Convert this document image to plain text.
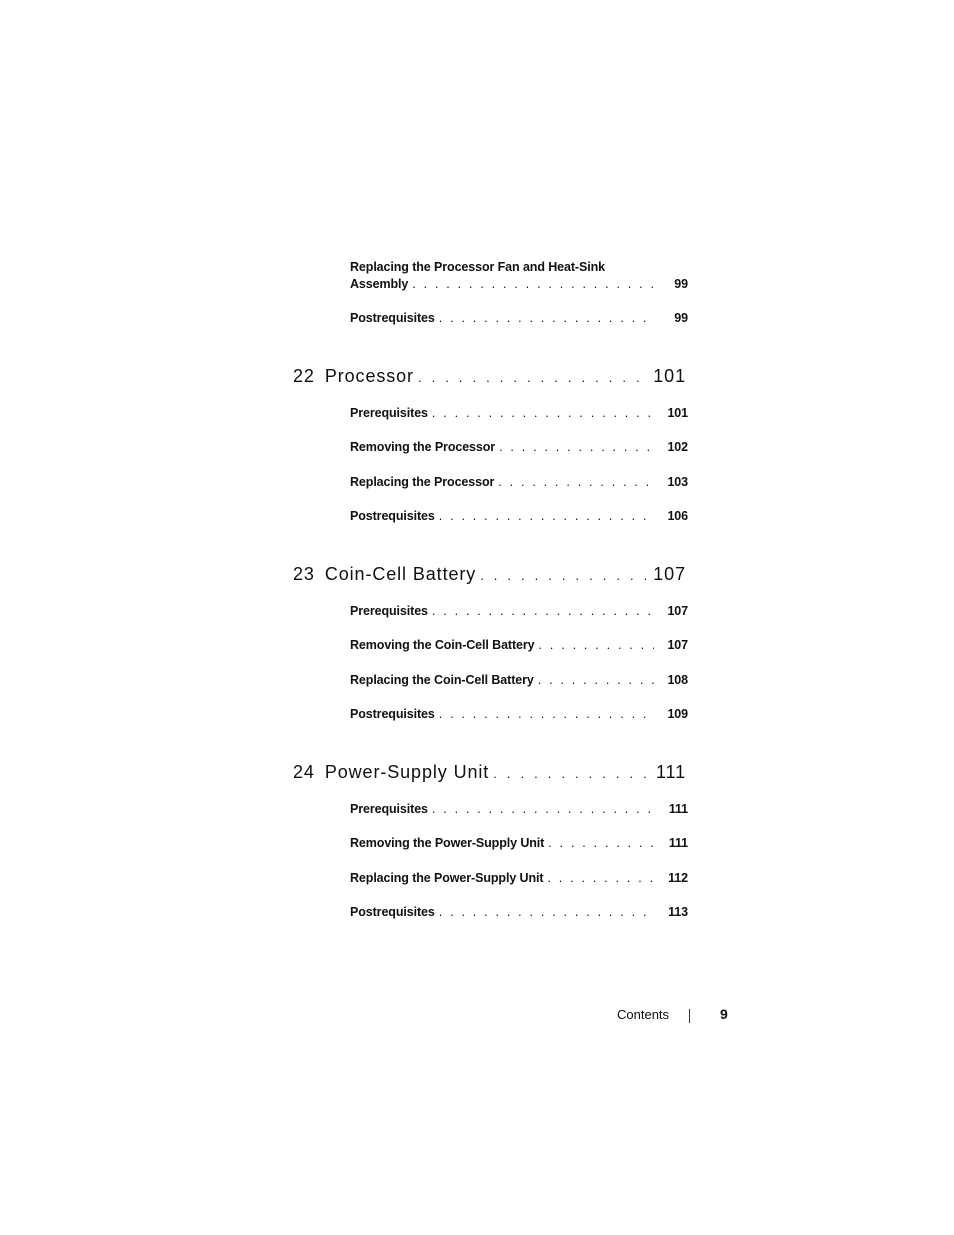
Replacing the Processor Fan and Heat-Sink
Assembly . . .	99
Postrequisites . . .	99
22 Processor . . .	101
Prerequisites . . .	101
Removing the Processor . . .	102
Replacing the Processor . . .	103
Postrequisites . . .	106
23 Coin-Cell Battery . . .	107
Prerequisites . . .	107
Removing the Coin-Cell Battery . . .	107
Replacing the Coin-Cell Battery . . .	108
Postrequisites . . .	109
24 Power-Supply Unit . . .	111
Prerequisites . . .	111
Removing the Power-Supply Unit . . .	111
Replacing the Power-Supply Unit . . .	112
Postrequisites . . .	113
Contents	9
